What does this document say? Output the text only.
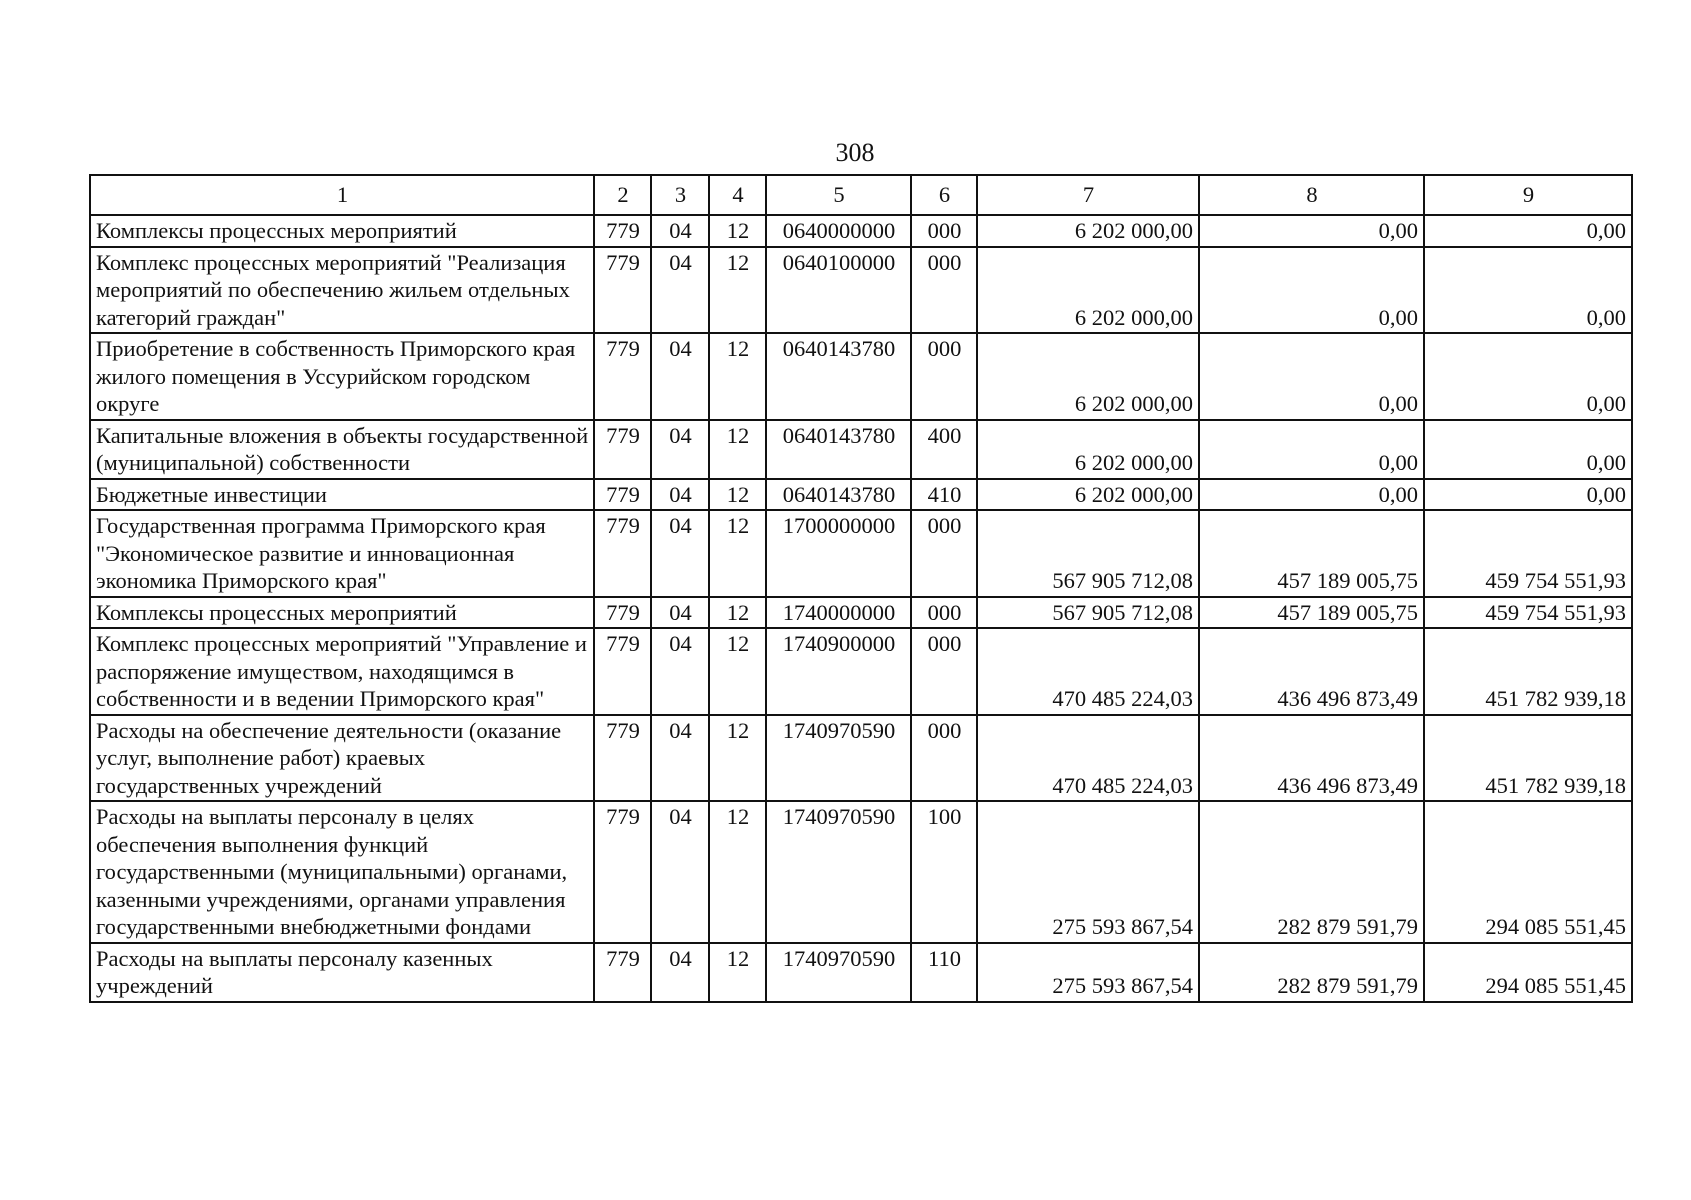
308
1	2	3	4	5	6	7	8	9
Комплексы процессных мероприятий	779	04	12	0640000000	000	6 202 000,00	0,00	0,00
Комплекс процессных мероприятий "Реализация мероприятий по обеспечению жильем отдельных категорий граждан"	779	04	12	0640100000	000	6 202 000,00	0,00	0,00
Приобретение в собственность Приморского края жилого помещения в Уссурийском городском округе	779	04	12	0640143780	000	6 202 000,00	0,00	0,00
Капитальные вложения в объекты государственной (муниципальной) собственности	779	04	12	0640143780	400	6 202 000,00	0,00	0,00
Бюджетные инвестиции	779	04	12	0640143780	410	6 202 000,00	0,00	0,00
Государственная программа Приморского края "Экономическое развитие и инновационная экономика Приморского края"	779	04	12	1700000000	000	567 905 712,08	457 189 005,75	459 754 551,93
Комплексы процессных мероприятий	779	04	12	1740000000	000	567 905 712,08	457 189 005,75	459 754 551,93
Комплекс процессных мероприятий "Управление и распоряжение имуществом, находящимся в собственности и в ведении Приморского края"	779	04	12	1740900000	000	470 485 224,03	436 496 873,49	451 782 939,18
Расходы на обеспечение деятельности (оказание услуг, выполнение работ) краевых государственных учреждений	779	04	12	1740970590	000	470 485 224,03	436 496 873,49	451 782 939,18
Расходы на выплаты персоналу в целях обеспечения выполнения функций государственными (муниципальными) органами, казенными учреждениями, органами управления государственными внебюджетными фондами	779	04	12	1740970590	100	275 593 867,54	282 879 591,79	294 085 551,45
Расходы на выплаты персоналу казенных учреждений	779	04	12	1740970590	110	275 593 867,54	282 879 591,79	294 085 551,45
